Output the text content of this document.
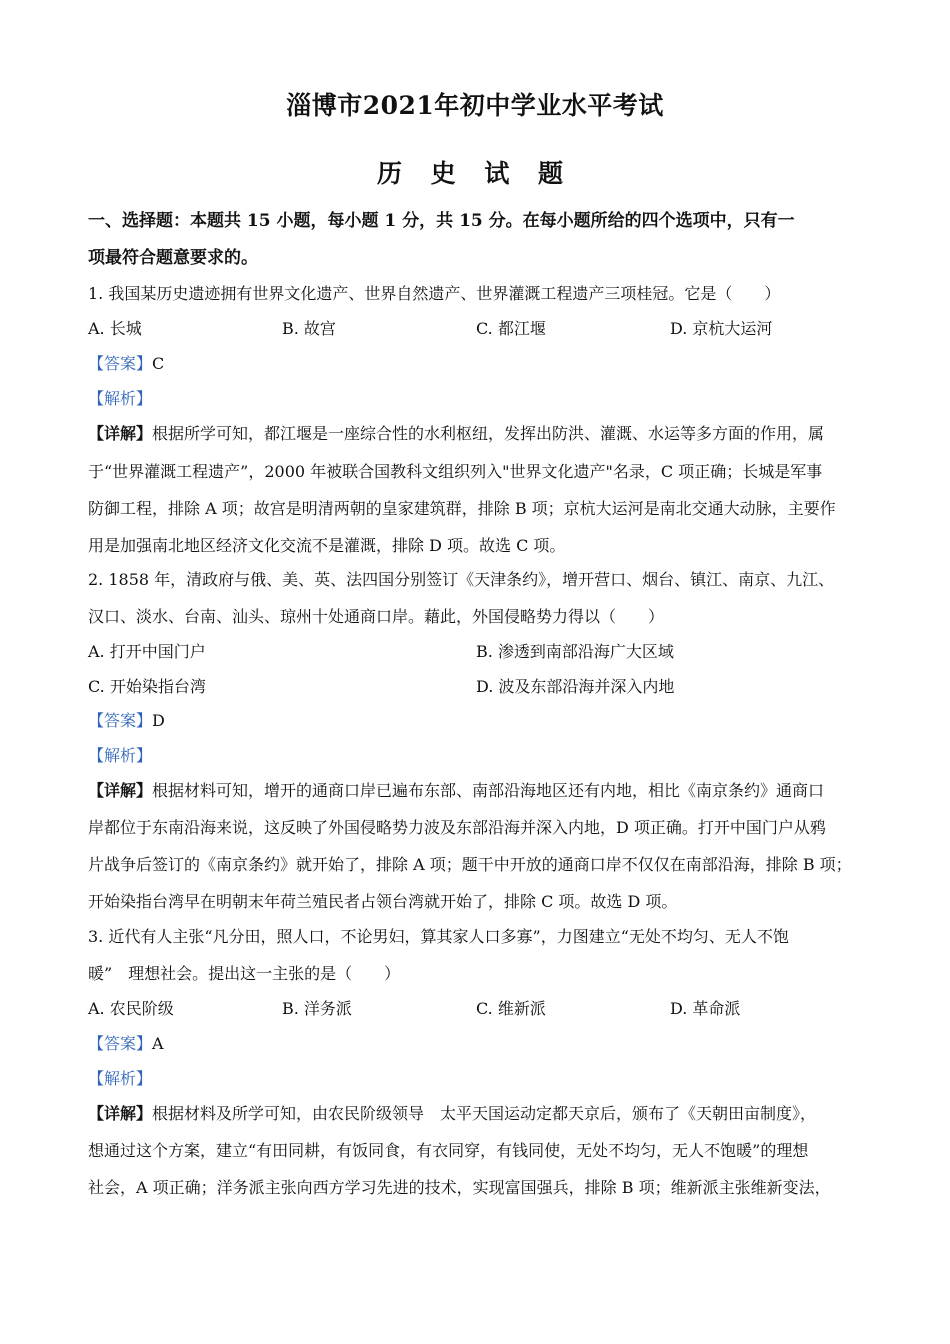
淄博市2021年初中学业水平考试
历 史 试 题
一、选择题：本题共 15 小题，每小题 1 分，共 15 分。在每小题所给的四个选项中，只有一
项最符合题意要求的。
1. 我国某历史遗迹拥有世界文化遗产、世界自然遗产、世界灌溉工程遗产三项桂冠。它是（　　）
A. 长城	B. 故宫	C. 都江堰	D. 京杭大运河
【答案】C
【解析】
【详解】根据所学可知，都江堰是一座综合性的水利枢纽，发挥出防洪、灌溉、水运等多方面的作用，属
于“世界灌溉工程遗产”，2000 年被联合国教科文组织列入"世界文化遗产"名录，C 项正确；长城是军事
防御工程，排除 A 项；故宫是明清两朝的皇家建筑群，排除 B 项；京杭大运河是南北交通大动脉，主要作
用是加强南北地区经济文化交流不是灌溉，排除 D 项。故选 C 项。
2. 1858 年，清政府与俄、美、英、法四国分别签订《天津条约》，增开营口、烟台、镇江、南京、九江、
汉口、淡水、台南、汕头、琼州十处通商口岸。藉此，外国侵略势力得以（　　）
A. 打开中国门户	B. 渗透到南部沿海广大区域
C. 开始染指台湾	D. 波及东部沿海并深入内地
【答案】D
【解析】
【详解】根据材料可知，增开的通商口岸已遍布东部、南部沿海地区还有内地，相比《南京条约》通商口
岸都位于东南沿海来说，这反映了外国侵略势力波及东部沿海并深入内地，D 项正确。打开中国门户从鸦
片战争后签订的《南京条约》就开始了，排除 A 项；题干中开放的通商口岸不仅仅在南部沿海，排除 B 项；
开始染指台湾早在明朝末年荷兰殖民者占领台湾就开始了，排除 C 项。故选 D 项。
3. 近代有人主张“凡分田，照人口，不论男妇，算其家人口多寡”，力图建立“无处不均匀、无人不饱
暖”　理想社会。提出这一主张的是（　　）
A. 农民阶级	B. 洋务派	C. 维新派	D. 革命派
【答案】A
【解析】
【详解】根据材料及所学可知，由农民阶级领导　太平天国运动定都天京后，颁布了《天朝田亩制度》，
想通过这个方案，建立“有田同耕，有饭同食，有衣同穿，有钱同使，无处不均匀，无人不饱暖”的理想
社会，A 项正确；洋务派主张向西方学习先进的技术，实现富国强兵，排除 B 项；维新派主张维新变法，
